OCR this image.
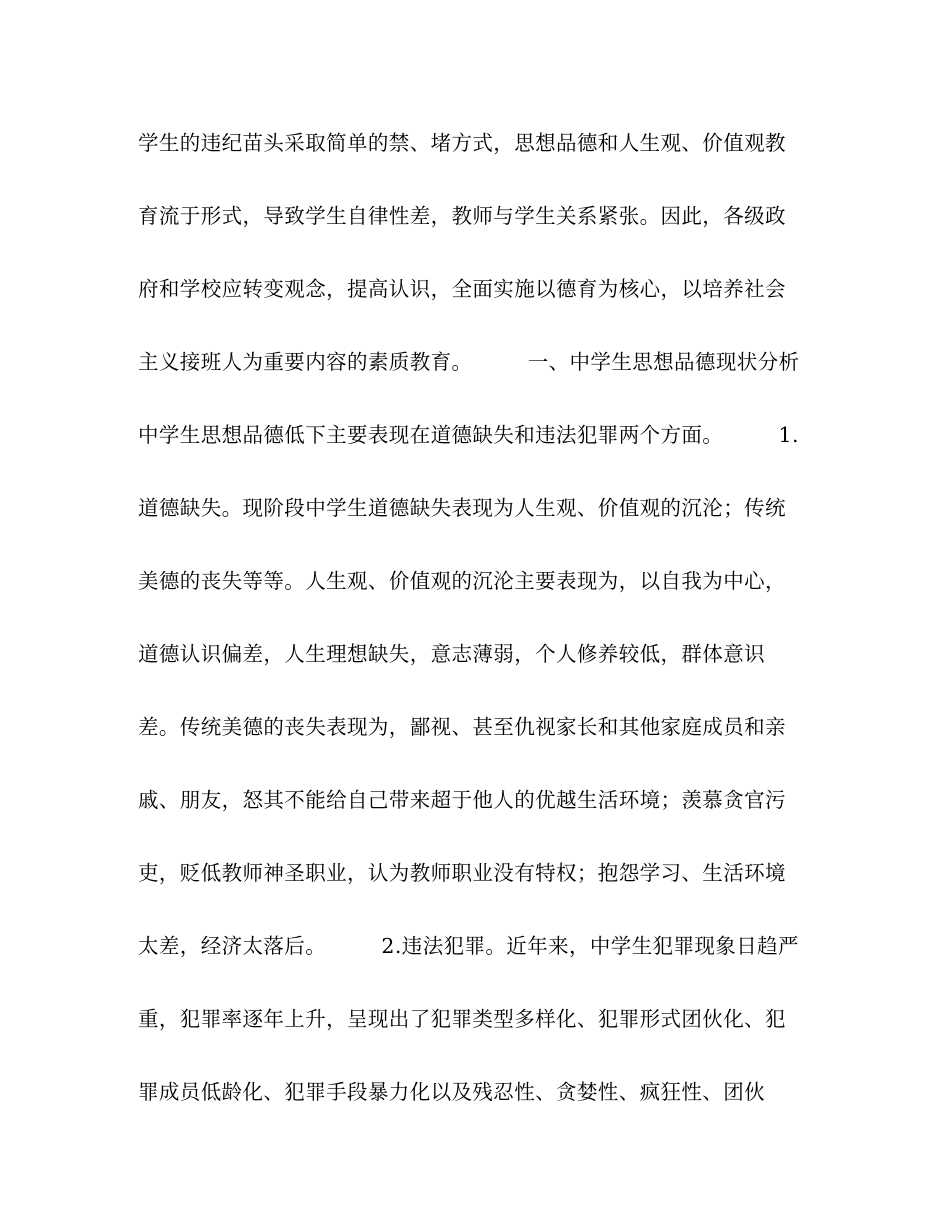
学生的违纪苗头采取简单的禁、堵方式，思想品德和人生观、价值观教
育流于形式，导致学生自律性差，教师与学生关系紧张。因此，各级政
府和学校应转变观念，提高认识，全面实施以德育为核心，以培养社会
主义接班人为重要内容的素质教育。        一、中学生思想品德现状分析
中学生思想品德低下主要表现在道德缺失和违法犯罪两个方面。        1.
道德缺失。现阶段中学生道德缺失表现为人生观、价值观的沉沦；传统
美德的丧失等等。人生观、价值观的沉沦主要表现为，以自我为中心，
道德认识偏差，人生理想缺失，意志薄弱，个人修养较低，群体意识
差。传统美德的丧失表现为，鄙视、甚至仇视家长和其他家庭成员和亲
戚、朋友，怒其不能给自己带来超于他人的优越生活环境；羡慕贪官污
吏，贬低教师神圣职业，认为教师职业没有特权；抱怨学习、生活环境
太差，经济太落后。        2.违法犯罪。近年来，中学生犯罪现象日趋严
重，犯罪率逐年上升，呈现出了犯罪类型多样化、犯罪形式团伙化、犯
罪成员低龄化、犯罪手段暴力化以及残忍性、贪婪性、疯狂性、团伙
